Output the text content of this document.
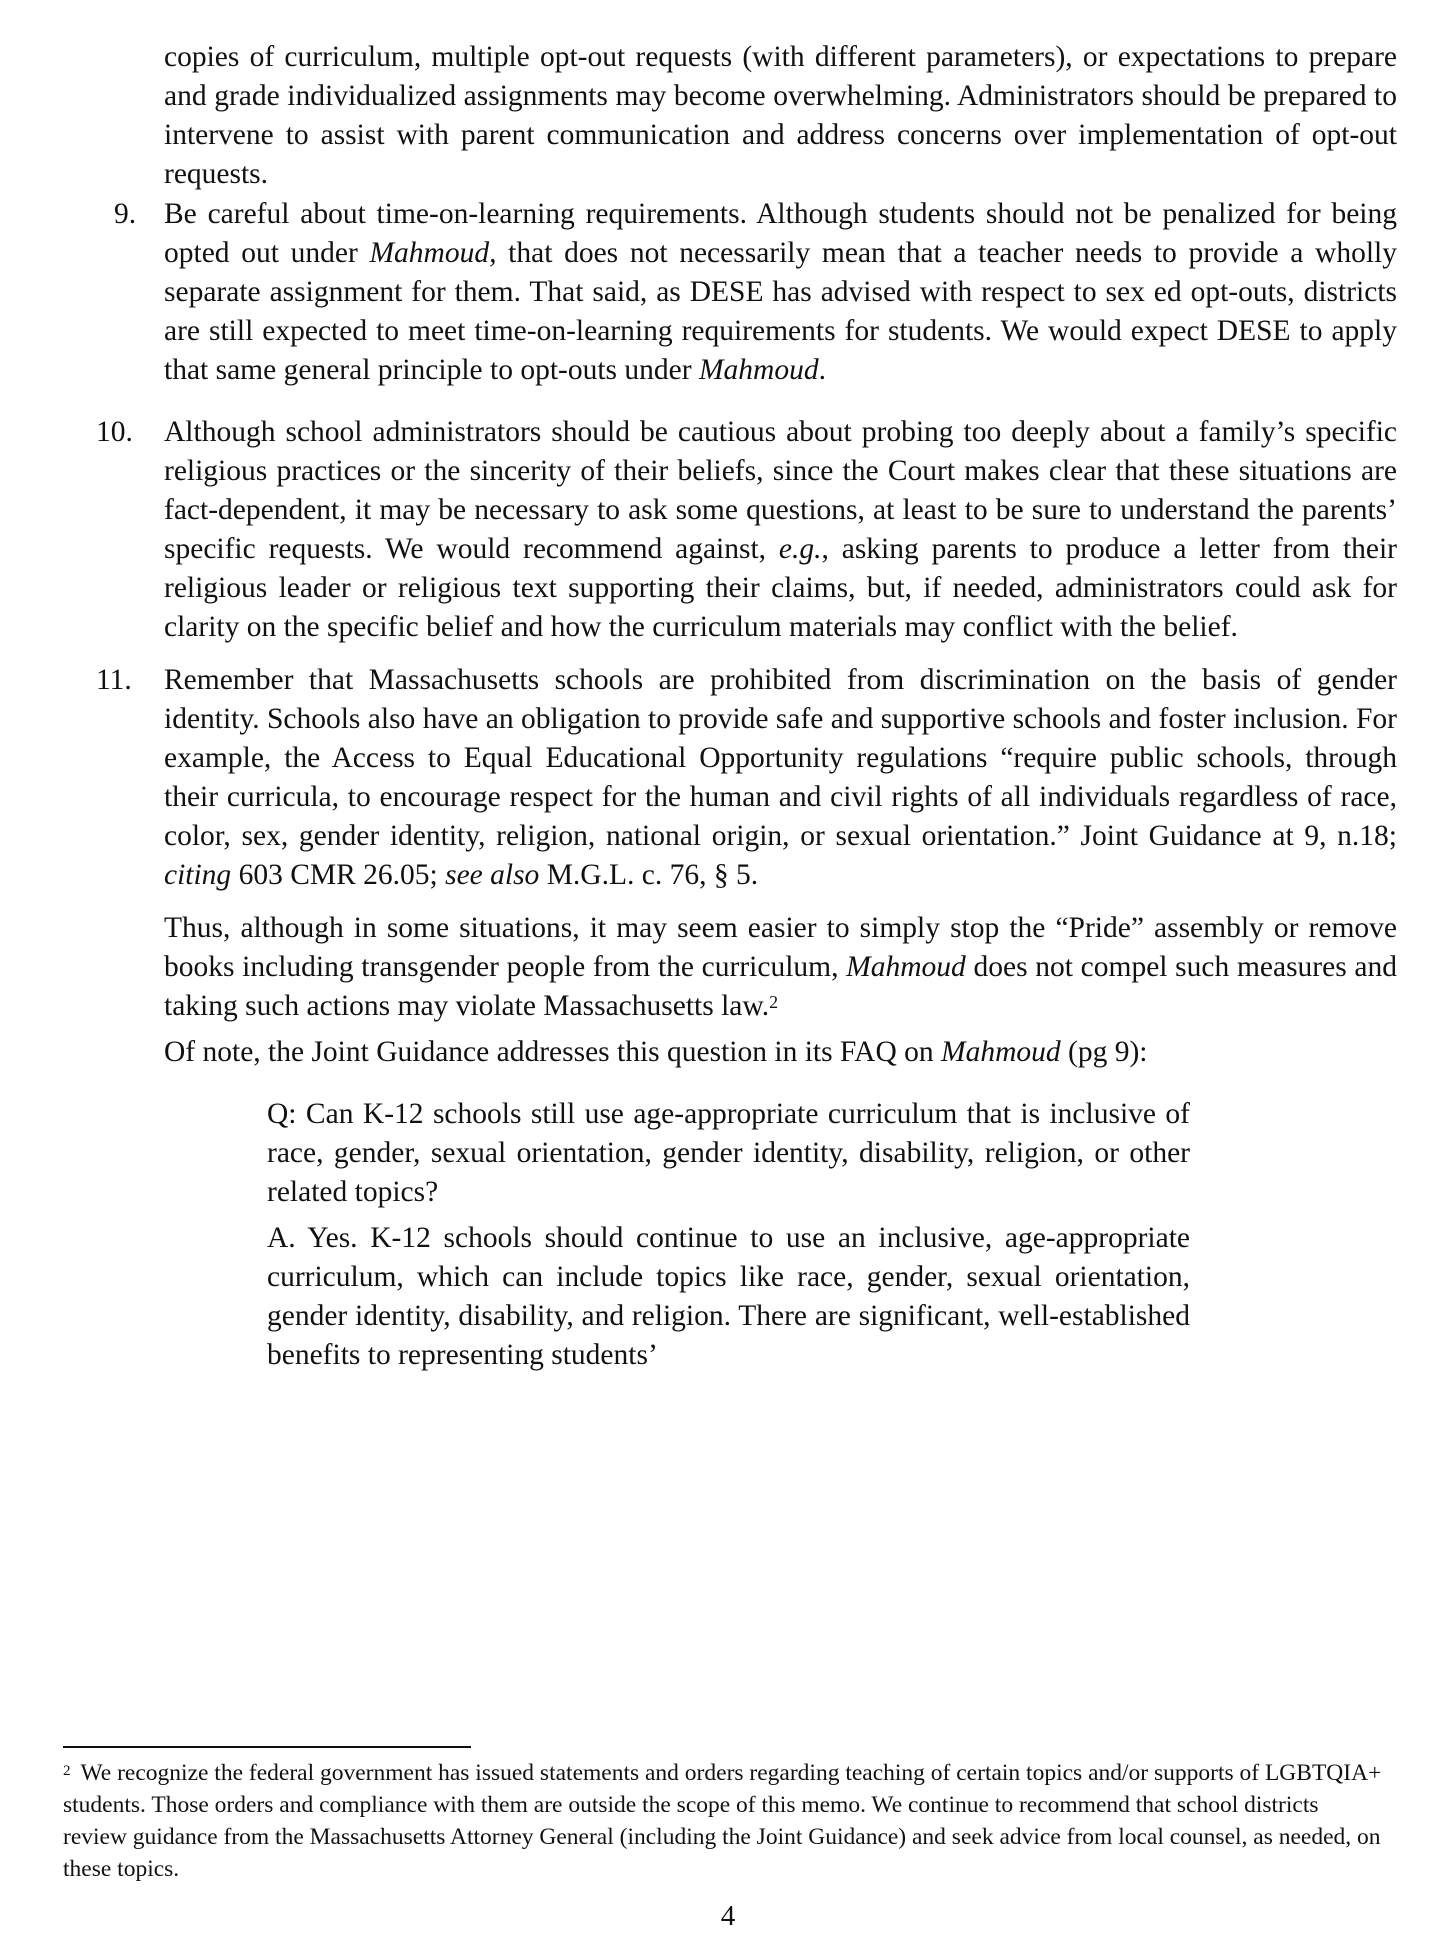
copies of curriculum, multiple opt-out requests (with different parameters), or expectations to prepare and grade individualized assignments may become overwhelming. Administrators should be prepared to intervene to assist with parent communication and address concerns over implementation of opt-out requests.
9. Be careful about time-on-learning requirements. Although students should not be penalized for being opted out under Mahmoud, that does not necessarily mean that a teacher needs to provide a wholly separate assignment for them. That said, as DESE has advised with respect to sex ed opt-outs, districts are still expected to meet time-on-learning requirements for students. We would expect DESE to apply that same general principle to opt-outs under Mahmoud.
10. Although school administrators should be cautious about probing too deeply about a family’s specific religious practices or the sincerity of their beliefs, since the Court makes clear that these situations are fact-dependent, it may be necessary to ask some questions, at least to be sure to understand the parents’ specific requests. We would recommend against, e.g., asking parents to produce a letter from their religious leader or religious text supporting their claims, but, if needed, administrators could ask for clarity on the specific belief and how the curriculum materials may conflict with the belief.
11. Remember that Massachusetts schools are prohibited from discrimination on the basis of gender identity. Schools also have an obligation to provide safe and supportive schools and foster inclusion. For example, the Access to Equal Educational Opportunity regulations “require public schools, through their curricula, to encourage respect for the human and civil rights of all individuals regardless of race, color, sex, gender identity, religion, national origin, or sexual orientation.” Joint Guidance at 9, n.18; citing 603 CMR 26.05; see also M.G.L. c. 76, § 5.
Thus, although in some situations, it may seem easier to simply stop the “Pride” assembly or remove books including transgender people from the curriculum, Mahmoud does not compel such measures and taking such actions may violate Massachusetts law.$^2$
Of note, the Joint Guidance addresses this question in its FAQ on Mahmoud (pg 9):
Q: Can K-12 schools still use age-appropriate curriculum that is inclusive of race, gender, sexual orientation, gender identity, disability, religion, or other related topics?
A. Yes. K-12 schools should continue to use an inclusive, age-appropriate curriculum, which can include topics like race, gender, sexual orientation, gender identity, disability, and religion. There are significant, well-established benefits to representing students’
$^2$ We recognize the federal government has issued statements and orders regarding teaching of certain topics and/or supports of LGBTQIA+ students. Those orders and compliance with them are outside the scope of this memo. We continue to recommend that school districts review guidance from the Massachusetts Attorney General (including the Joint Guidance) and seek advice from local counsel, as needed, on these topics.
4
